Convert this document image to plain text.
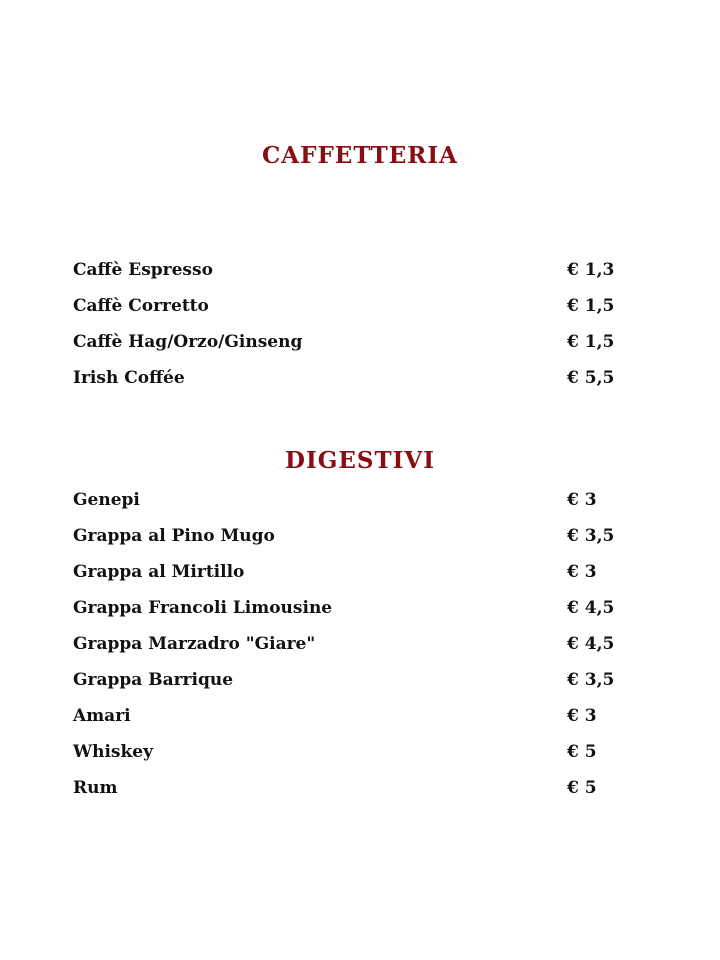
CAFFETTERIA
Caffè Espresso	€ 1,3
Caffè Corretto	€ 1,5
Caffè Hag/Orzo/Ginseng	€ 1,5
Irish Coffée	€ 5,5
DIGESTIVI
Genepi	€ 3
Grappa al Pino Mugo	€ 3,5
Grappa al Mirtillo	€ 3
Grappa Francoli Limousine	€ 4,5
Grappa Marzadro "Giare"	€ 4,5
Grappa Barrique	€ 3,5
Amari	€ 3
Whiskey	€ 5
Rum	€ 5
